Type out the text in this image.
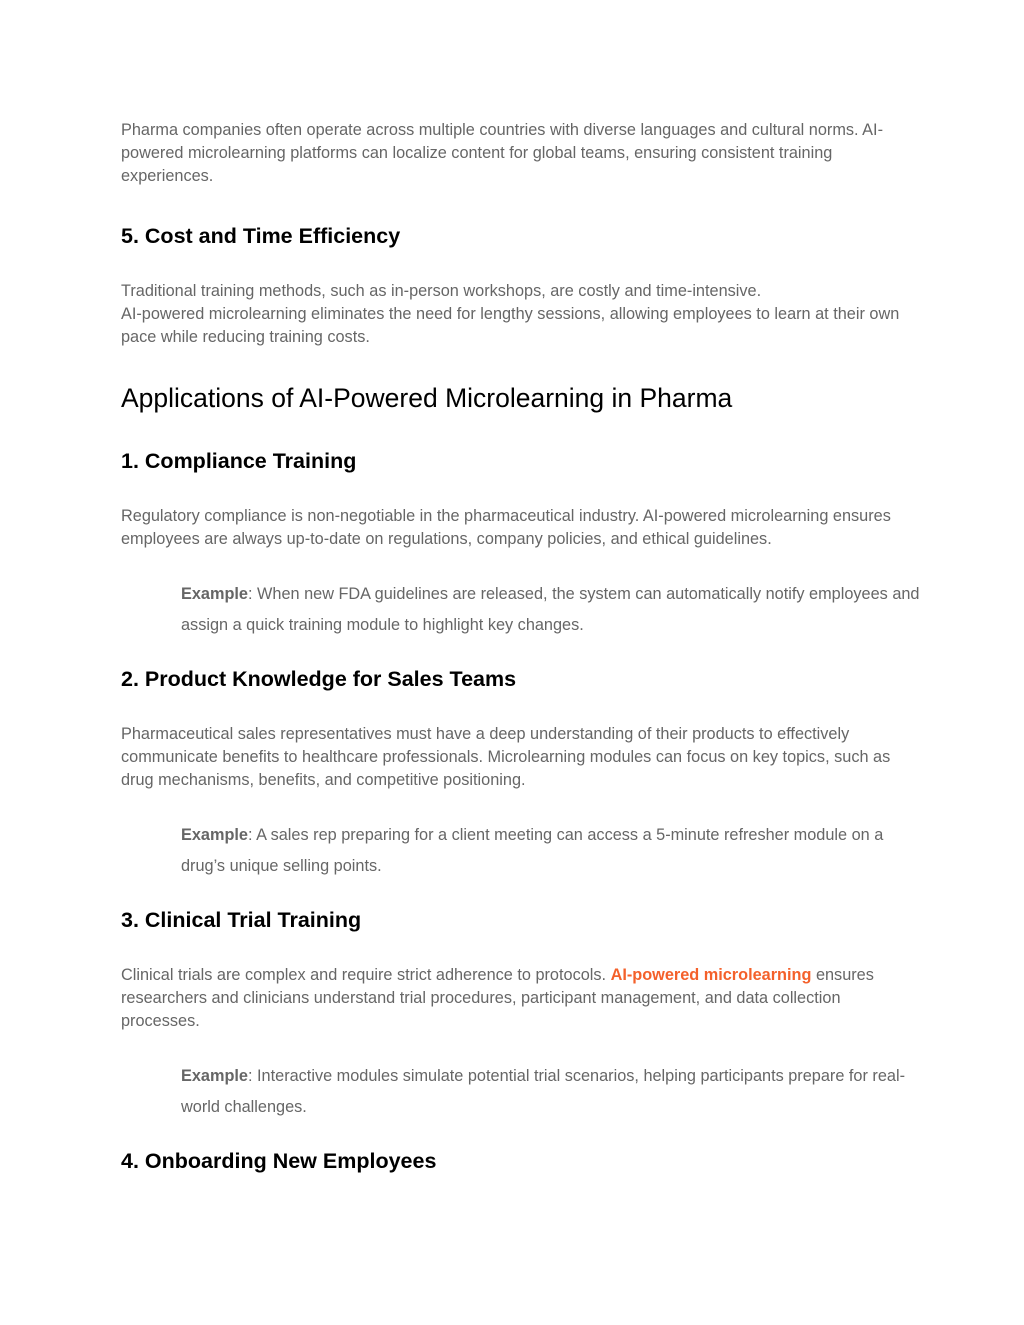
Pharma companies often operate across multiple countries with diverse languages and cultural norms. AI-powered microlearning platforms can localize content for global teams, ensuring consistent training experiences.

5. Cost and Time Efficiency

Traditional training methods, such as in-person workshops, are costly and time-intensive.
AI-powered microlearning eliminates the need for lengthy sessions, allowing employees to learn at their own pace while reducing training costs.

Applications of AI-Powered Microlearning in Pharma
1. Compliance Training

Regulatory compliance is non-negotiable in the pharmaceutical industry. AI-powered microlearning ensures employees are always up-to-date on regulations, company policies, and ethical guidelines.

Example: When new FDA guidelines are released, the system can automatically notify employees and assign a quick training module to highlight key changes.

2. Product Knowledge for Sales Teams

Pharmaceutical sales representatives must have a deep understanding of their products to effectively communicate benefits to healthcare professionals. Microlearning modules can focus on key topics, such as drug mechanisms, benefits, and competitive positioning.

Example: A sales rep preparing for a client meeting can access a 5-minute refresher module on a drug’s unique selling points.

3. Clinical Trial Training

Clinical trials are complex and require strict adherence to protocols. AI-powered microlearning ensures researchers and clinicians understand trial procedures, participant management, and data collection processes.

Example: Interactive modules simulate potential trial scenarios, helping participants prepare for real-world challenges.

4. Onboarding New Employees
